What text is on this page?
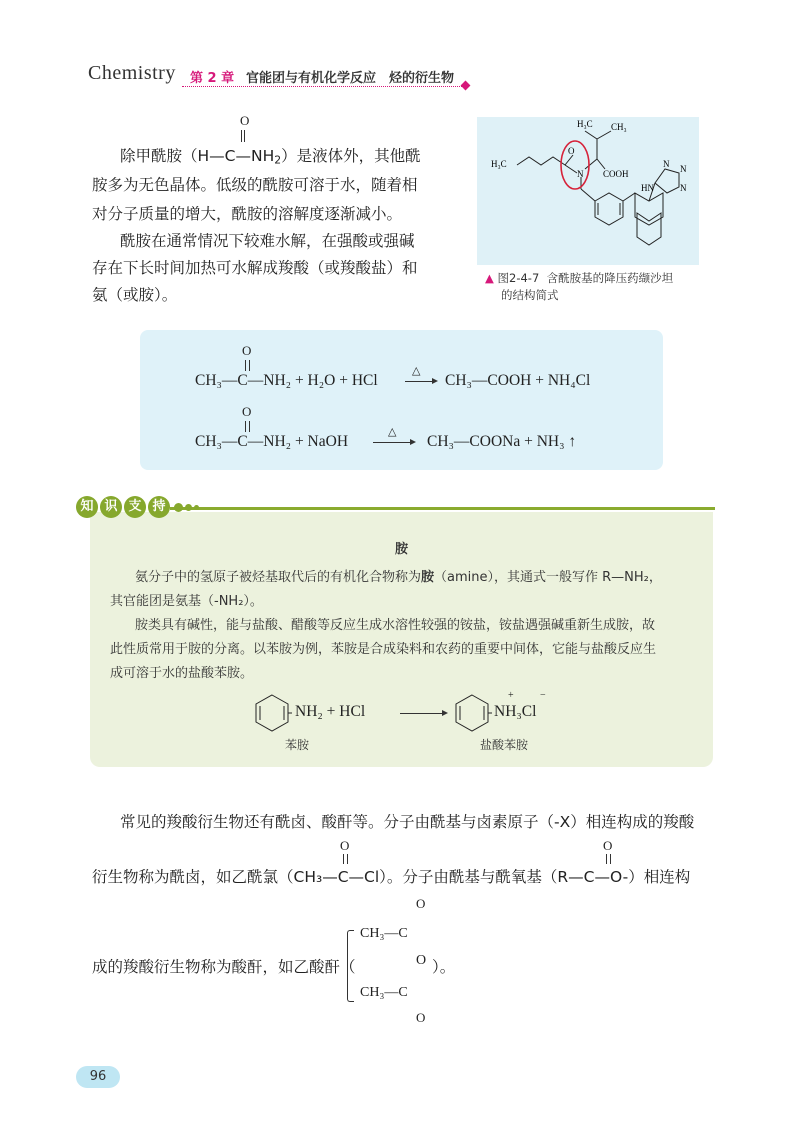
Chemistry 第 2 章 官能团与有机化学反应　烃的衍生物
O
除甲酰胺$(H—C—NH_2)$是液体外，其他酰
胺多为无色晶体。低级的酰胺可溶于水，随着相
对分子质量的增大，酰胺的溶解度逐渐减小。
酰胺在通常情况下较难水解，在强酸或强碱
存在下长时间加热可水解成羧酸（或羧酸盐）和
氨（或胺）。
H₃C CH₃
H₃C
O
N COOH
HN
N N
N
▲ 图2-4-7 含酰胺基的降压药缬沙坦
的结构简式
O
CH₃—C—NH₂ + H₂O + HCl
△
CH₃—COOH + NH₄Cl
O
CH₃—C—NH₂ + NaOH
△
CH₃—COONa + NH₃ ↑
知 识 支 持
胺
氨分子中的氢原子被烃基取代后的有机化合物称为胺（amine），其通式一般写作 R—NH₂，
其官能团是氨基（-NH₂）。
胺类具有碱性，能与盐酸、醋酸等反应生成水溶性较强的铵盐，铵盐遇强碱重新生成胺，故
此性质常用于胺的分离。以苯胺为例，苯胺是合成染料和农药的重要中间体，它能与盐酸反应生
成可溶于水的盐酸苯胺。
NH₂ + HCl
+	−
NH₃Cl
苯胺	盐酸苯胺
常见的羧酸衍生物还有酰卤、酸酐等。分子由酰基与卤素原子（-X）相连构成的羧酸
O	O
衍生物称为酰卤，如乙酰氯（CH₃—C—Cl）。分子由酰基与酰氧基（R—C—O-）相连构
O
CH₃—C
O
CH₃—C
O
成的羧酸衍生物称为酸酐，如乙酸酐（	）。
96
